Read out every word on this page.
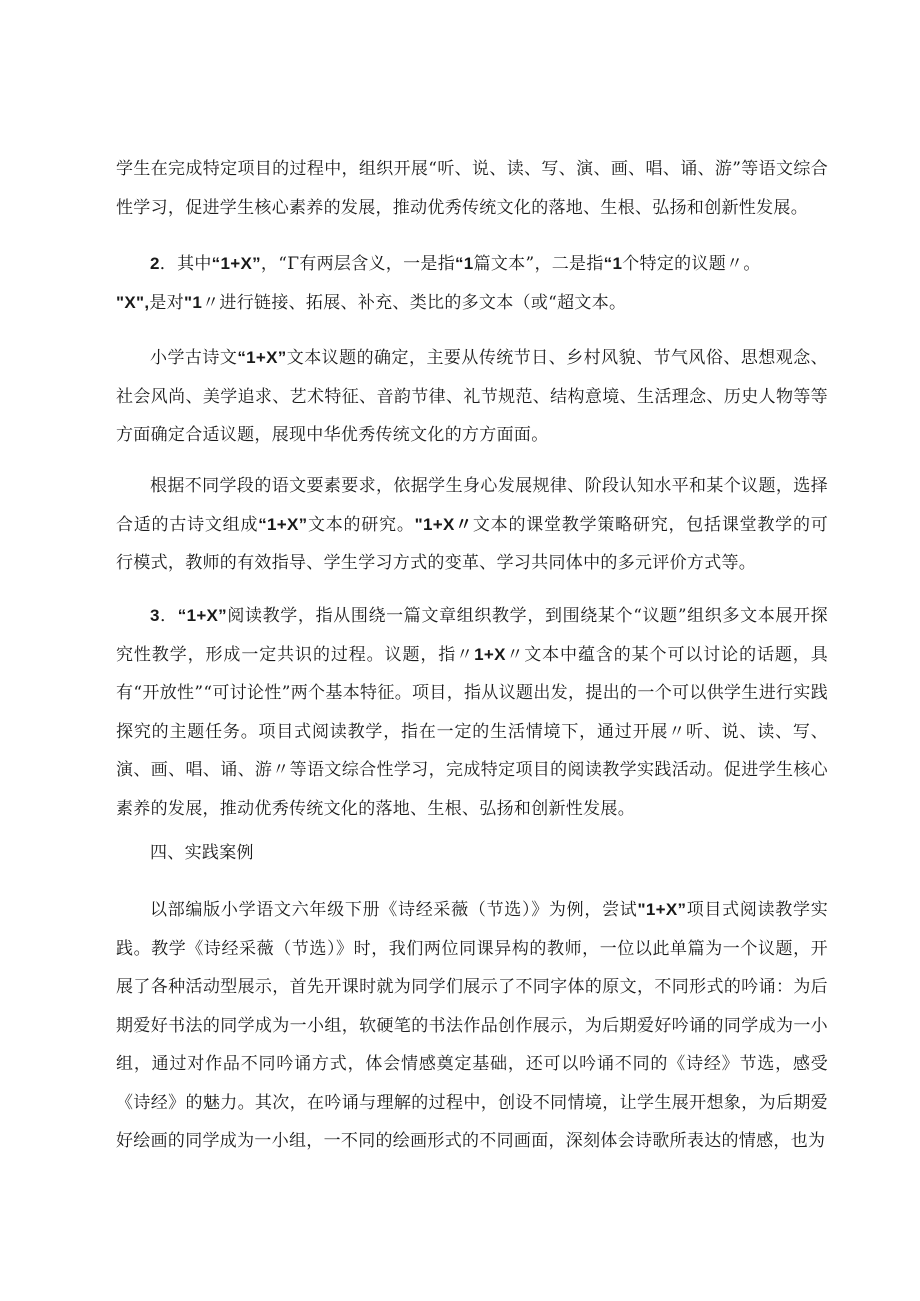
学生在完成特定项目的过程中，组织开展“听、说、读、写、演、画、唱、诵、游”等语文综合性学习，促进学生核心素养的发展，推动优秀传统文化的落地、生根、弘扬和创新性发展。

2．其中“1+X”，“Γ有两层含义，一是指“1篇文本”，二是指“1个特定的议题〃。
"X",是对"1〃进行链接、拓展、补充、类比的多文本（或“超文本。

小学古诗文“1+X”文本议题的确定，主要从传统节日、乡村风貌、节气风俗、思想观念、社会风尚、美学追求、艺术特征、音韵节律、礼节规范、结构意境、生活理念、历史人物等等方面确定合适议题，展现中华优秀传统文化的方方面面。

根据不同学段的语文要素要求，依据学生身心发展规律、阶段认知水平和某个议题，选择合适的古诗文组成“1+X”文本的研究。"1+X〃文本的课堂教学策略研究，包括课堂教学的可行模式，教师的有效指导、学生学习方式的变革、学习共同体中的多元评价方式等。

3．“1+X”阅读教学，指从围绕一篇文章组织教学，到围绕某个“议题”组织多文本展开探究性教学，形成一定共识的过程。议题，指〃1+X〃文本中蕴含的某个可以讨论的话题，具有“开放性”“可讨论性”两个基本特征。项目，指从议题出发，提出的一个可以供学生进行实践探究的主题任务。项目式阅读教学，指在一定的生活情境下，通过开展〃听、说、读、写、演、画、唱、诵、游〃等语文综合性学习，完成特定项目的阅读教学实践活动。促进学生核心素养的发展，推动优秀传统文化的落地、生根、弘扬和创新性发展。

四、实践案例

以部编版小学语文六年级下册《诗经采薇（节选）》为例，尝试"1+X”项目式阅读教学实践。教学《诗经采薇（节选）》时，我们两位同课异构的教师，一位以此单篇为一个议题，开展了各种活动型展示，首先开课时就为同学们展示了不同字体的原文，不同形式的吟诵：为后期爱好书法的同学成为一小组，软硬笔的书法作品创作展示，为后期爱好吟诵的同学成为一小组，通过对作品不同吟诵方式，体会情感奠定基础，还可以吟诵不同的《诗经》节选，感受《诗经》的魅力。其次，在吟诵与理解的过程中，创设不同情境，让学生展开想象，为后期爱好绘画的同学成为一小组，一不同的绘画形式的不同画面，深刻体会诗歌所表达的情感，也为
